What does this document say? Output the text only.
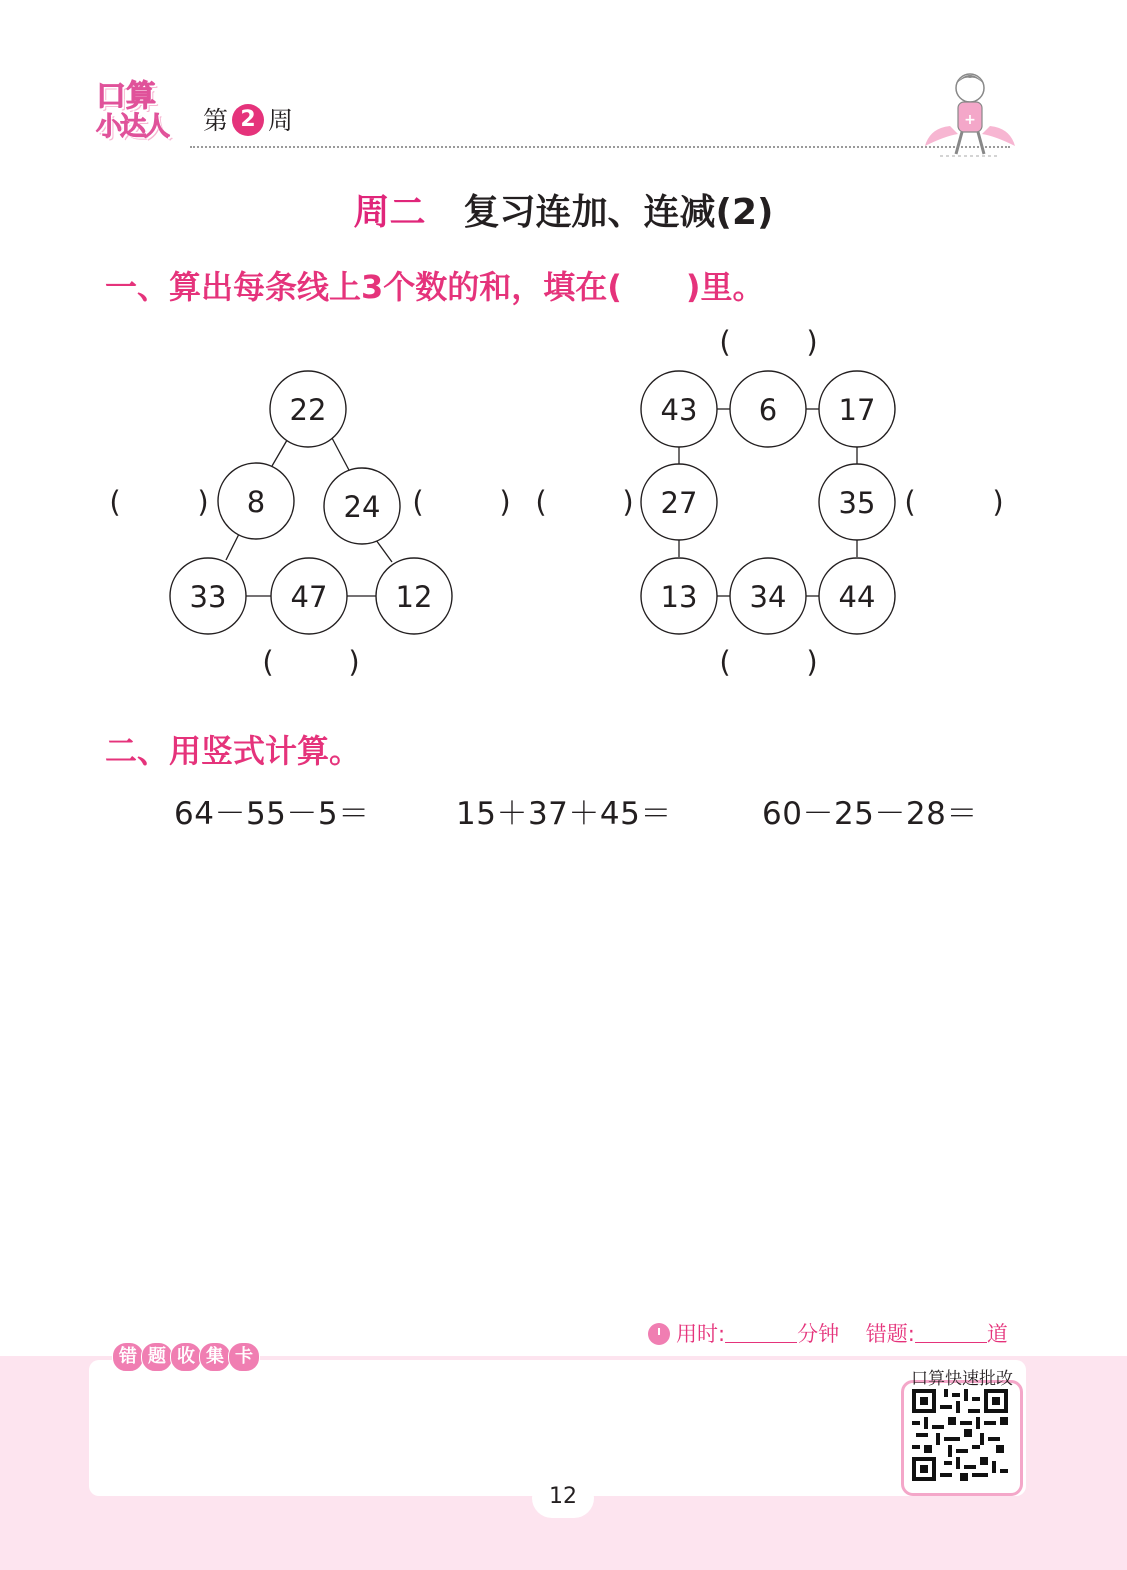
口算
小达人	第 2 周	+
周二 复习连加、连减(2)
一、算出每条线上3个数的和，填在(　　)里。
22
8	24
33 47 12
43 6 17
27	35
13 34 44
(	)	(	)
(	)
(	)
(	)	(	)
(	)
二、用竖式计算。
64－55－5＝	15＋37＋45＝	60－25－28＝
用时:	分钟 错题:	道
错 题 收 集 卡
口算快速批改
12
